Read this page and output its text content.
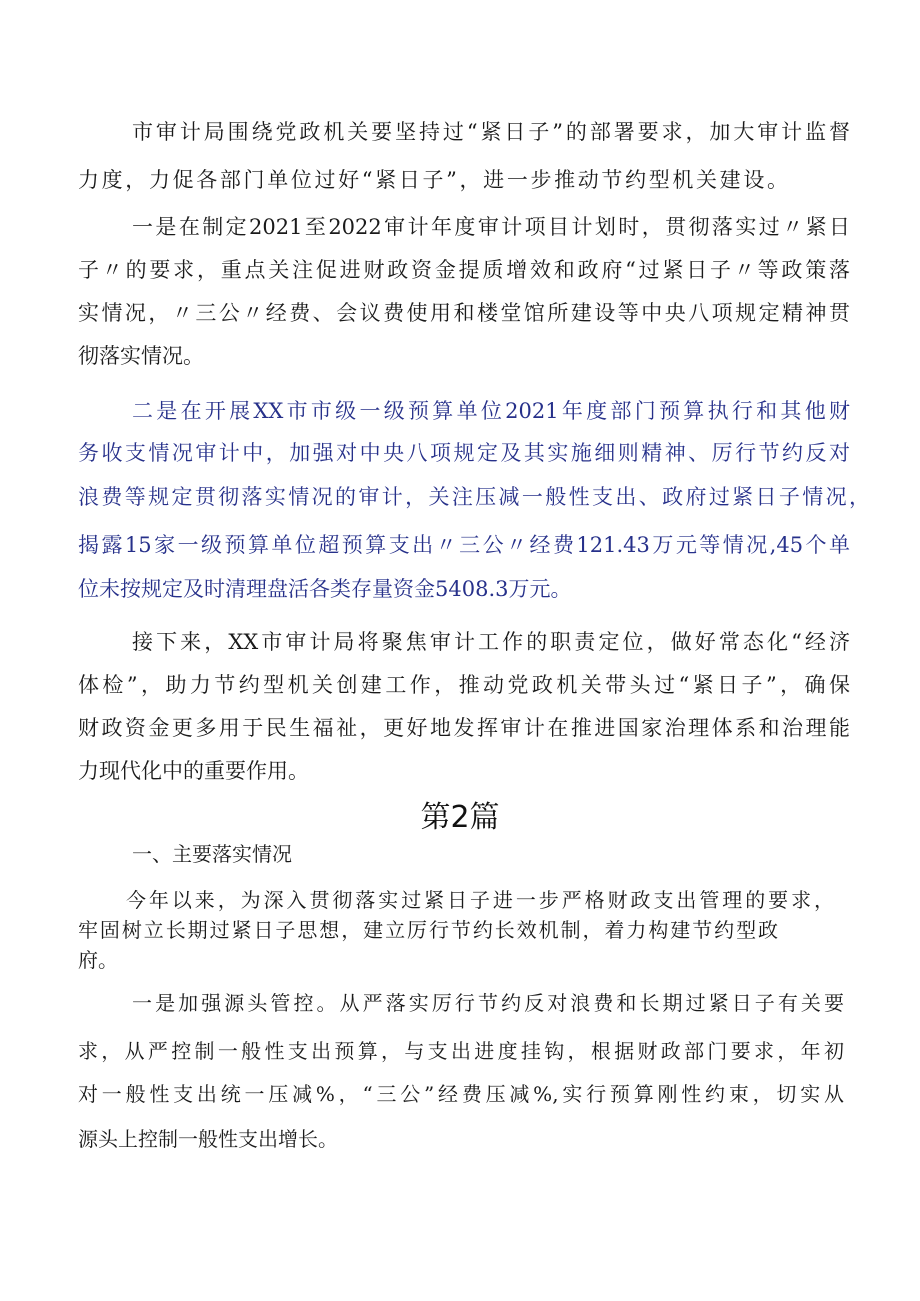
市审计局围绕党政机关要坚持过“紧日子”的部署要求，加大审计监督
力度，力促各部门单位过好“紧日子”，进一步推动节约型机关建设。
一是在制定2021至2022审计年度审计项目计划时，贯彻落实过〃紧日
子〃的要求，重点关注促进财政资金提质增效和政府“过紧日子〃等政策落
实情况，〃三公〃经费、会议费使用和楼堂馆所建设等中央八项规定精神贯
彻落实情况。
二是在开展XX市市级一级预算单位2021年度部门预算执行和其他财
务收支情况审计中，加强对中央八项规定及其实施细则精神、厉行节约反对
浪费等规定贯彻落实情况的审计，关注压减一般性支出、政府过紧日子情况，
揭露15家一级预算单位超预算支出〃三公〃经费121.43万元等情况,45个单
位未按规定及时清理盘活各类存量资金5408.3万元。
接下来，XX市审计局将聚焦审计工作的职责定位，做好常态化“经济
体检”，助力节约型机关创建工作，推动党政机关带头过“紧日子”，确保
财政资金更多用于民生福祉，更好地发挥审计在推进国家治理体系和治理能
力现代化中的重要作用。
第2篇
一、主要落实情况
今年以来，为深入贯彻落实过紧日子进一步严格财政支出管理的要求，
牢固树立长期过紧日子思想，建立厉行节约长效机制，着力构建节约型政
府。
一是加强源头管控。从严落实厉行节约反对浪费和长期过紧日子有关要
求，从严控制一般性支出预算，与支出进度挂钩，根据财政部门要求，年初
对一般性支出统一压减%，“三公”经费压减%,实行预算刚性约束，切实从
源头上控制一般性支出增长。
